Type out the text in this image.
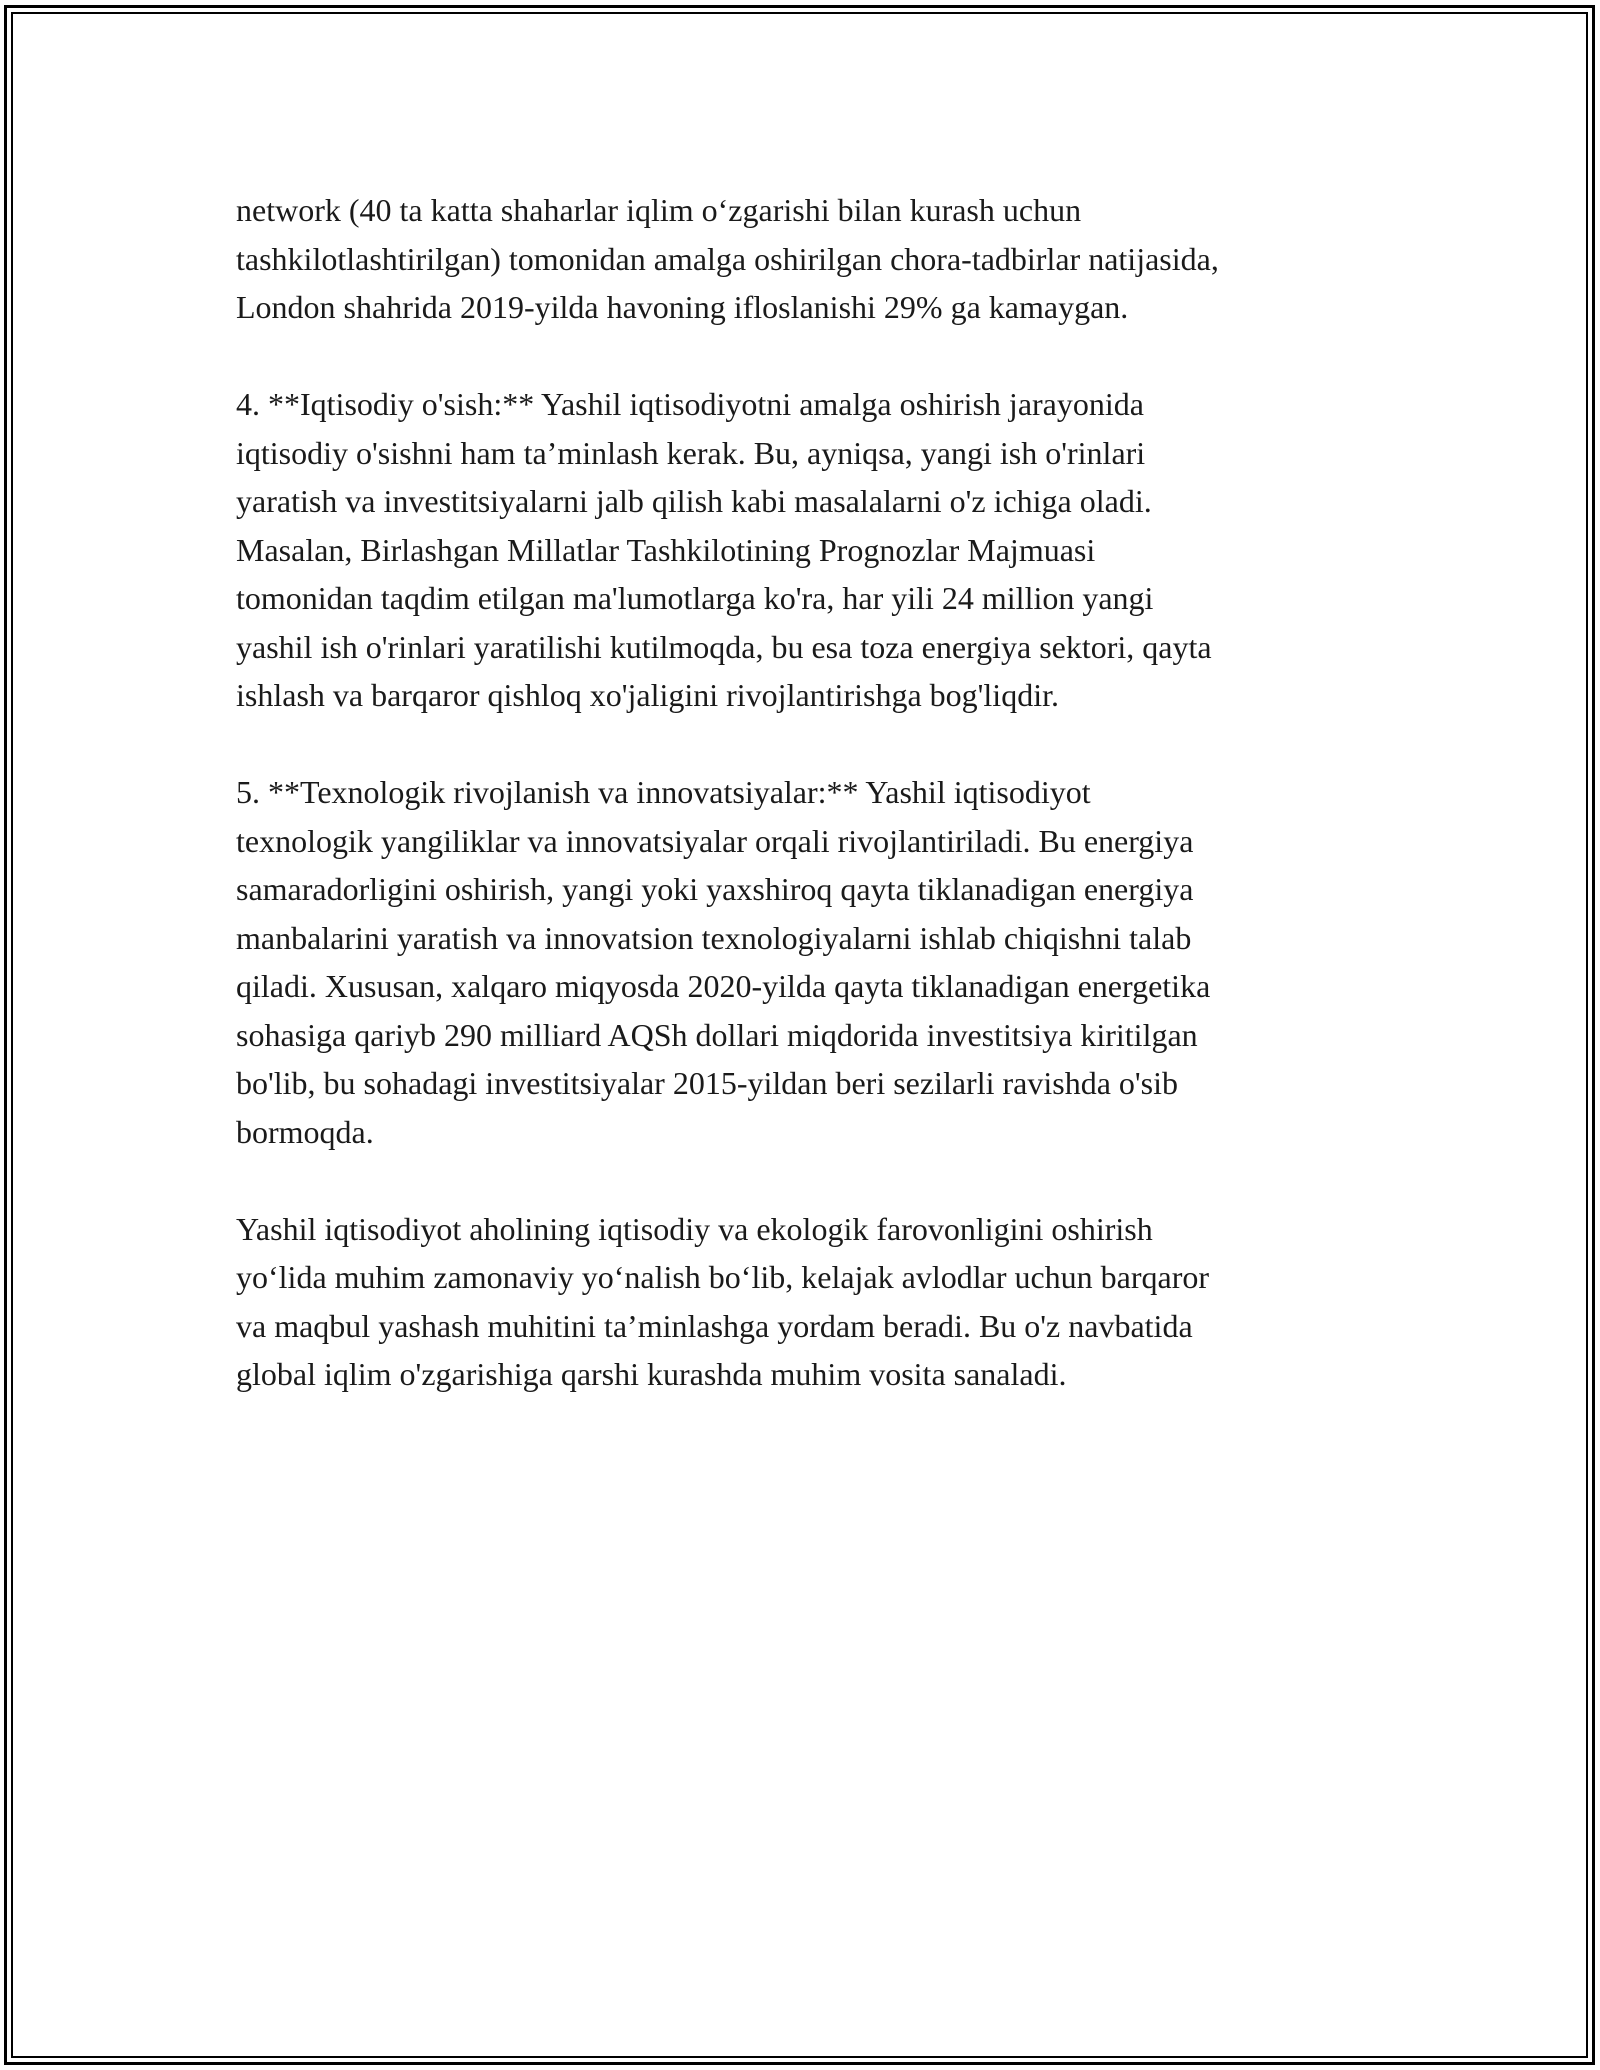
network (40 ta katta shaharlar iqlim o‘zgarishi bilan kurash uchun
tashkilotlashtirilgan) tomonidan amalga oshirilgan chora-tadbirlar natijasida,
London shahrida 2019-yilda havoning ifloslanishi 29% ga kamaygan.

4. **Iqtisodiy o'sish:** Yashil iqtisodiyotni amalga oshirish jarayonida
iqtisodiy o'sishni ham ta’minlash kerak. Bu, ayniqsa, yangi ish o'rinlari
yaratish va investitsiyalarni jalb qilish kabi masalalarni o'z ichiga oladi.
Masalan, Birlashgan Millatlar Tashkilotining Prognozlar Majmuasi
tomonidan taqdim etilgan ma'lumotlarga ko'ra, har yili 24 million yangi
yashil ish o'rinlari yaratilishi kutilmoqda, bu esa toza energiya sektori, qayta
ishlash va barqaror qishloq xo'jaligini rivojlantirishga bog'liqdir.

5. **Texnologik rivojlanish va innovatsiyalar:** Yashil iqtisodiyot
texnologik yangiliklar va innovatsiyalar orqali rivojlantiriladi. Bu energiya
samaradorligini oshirish, yangi yoki yaxshiroq qayta tiklanadigan energiya
manbalarini yaratish va innovatsion texnologiyalarni ishlab chiqishni talab
qiladi. Xususan, xalqaro miqyosda 2020-yilda qayta tiklanadigan energetika
sohasiga qariyb 290 milliard AQSh dollari miqdorida investitsiya kiritilgan
bo'lib, bu sohadagi investitsiyalar 2015-yildan beri sezilarli ravishda o'sib
bormoqda.

Yashil iqtisodiyot aholining iqtisodiy va ekologik farovonligini oshirish
yo‘lida muhim zamonaviy yo‘nalish bo‘lib, kelajak avlodlar uchun barqaror
va maqbul yashash muhitini ta’minlashga yordam beradi. Bu o'z navbatida
global iqlim o'zgarishiga qarshi kurashda muhim vosita sanaladi.
